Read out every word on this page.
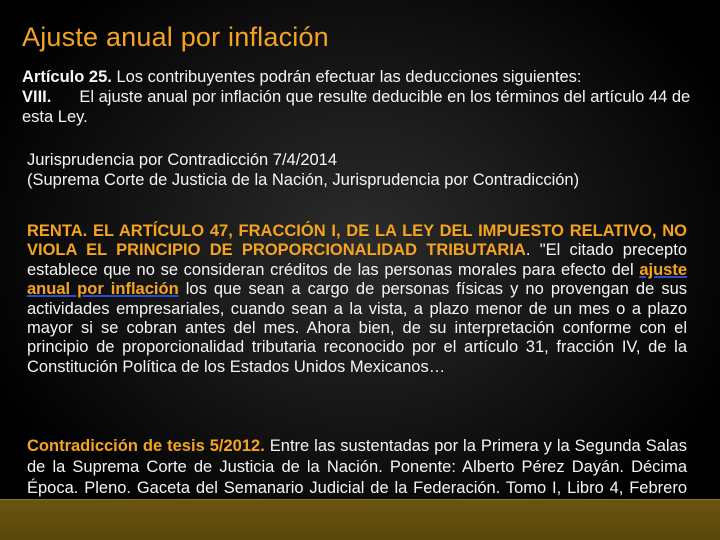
Ajuste anual por inflación

Artículo 25. Los contribuyentes podrán efectuar las deducciones siguientes:

VIII. El ajuste anual por inflación que resulte deducible en los términos del artículo 44 de esta Ley.

Jurisprudencia por Contradicción 7/4/2014

(Suprema Corte de Justicia de la Nación, Jurisprudencia por Contradicción)

RENTA. EL ARTÍCULO 47, FRACCIÓN I, DE LA LEY DEL IMPUESTO RELATIVO, NO VIOLA EL PRINCIPIO DE PROPORCIONALIDAD TRIBUTARIA. "El citado precepto establece que no se consideran créditos de las personas morales para efecto del ajuste anual por inflación los que sean a cargo de personas físicas y no provengan de sus actividades empresariales, cuando sean a la vista, a plazo menor de un mes o a plazo mayor si se cobran antes del mes. Ahora bien, de su interpretación conforme con el principio de proporcionalidad tributaria reconocido por el artículo 31, fracción IV, de la Constitución Política de los Estados Unidos Mexicanos…

Contradicción de tesis 5/2012. Entre las sustentadas por la Primera y la Segunda Salas de la Suprema Corte de Justicia de la Nación. Ponente: Alberto Pérez Dayán. Décima Época. Pleno. Gaceta del Semanario Judicial de la Federación. Tomo I, Libro 4, Febrero
